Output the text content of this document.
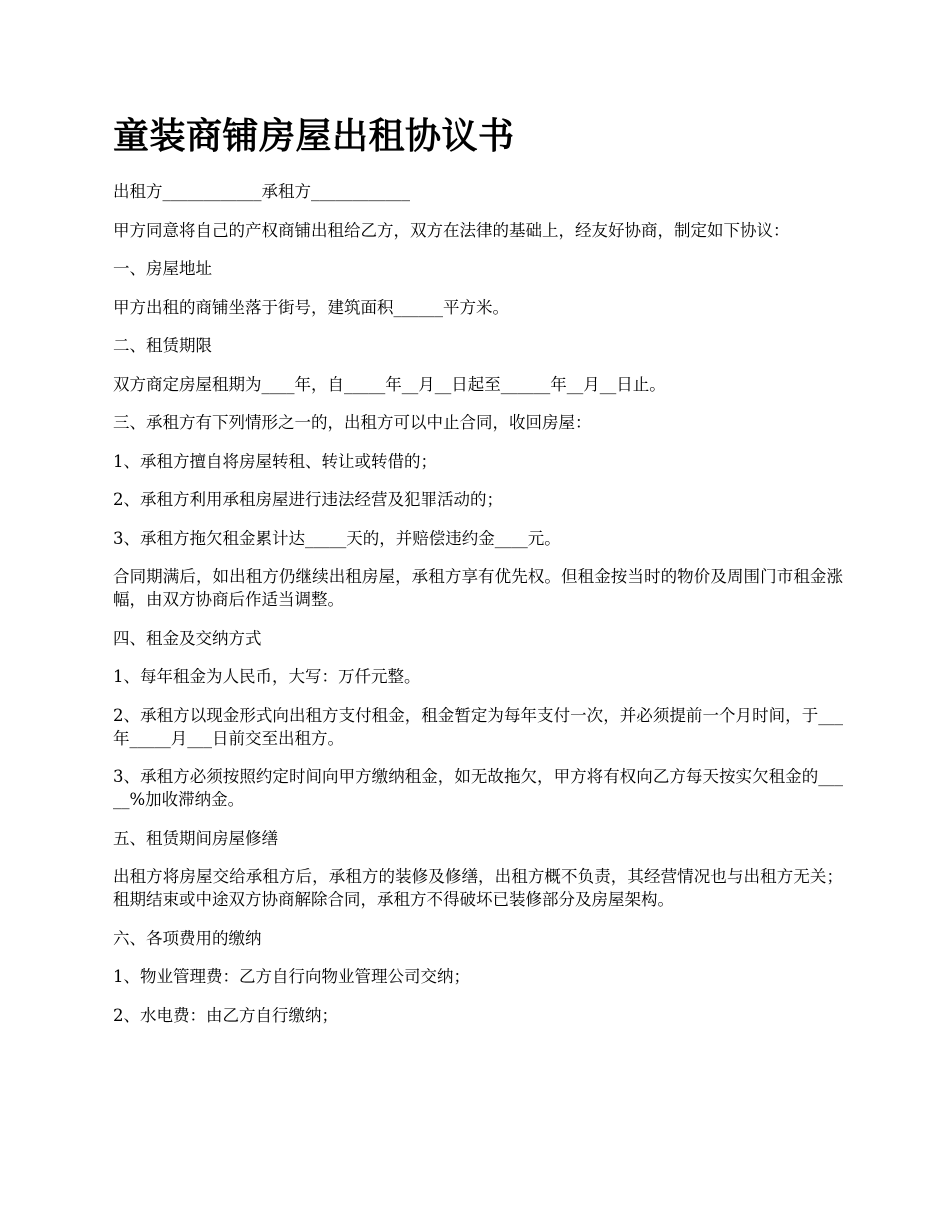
童装商铺房屋出租协议书

出租方____________承租方____________

甲方同意将自己的产权商铺出租给乙方，双方在法律的基础上，经友好协商，制定如下协议：

一、房屋地址

甲方出租的商铺坐落于街号，建筑面积______平方米。

二、租赁期限

双方商定房屋租期为____年，自_____年__月__日起至______年__月__日止。

三、承租方有下列情形之一的，出租方可以中止合同，收回房屋：

1、承租方擅自将房屋转租、转让或转借的；

2、承租方利用承租房屋进行违法经营及犯罪活动的；

3、承租方拖欠租金累计达_____天的，并赔偿违约金____元。

合同期满后，如出租方仍继续出租房屋，承租方享有优先权。但租金按当时的物价及周围门市租金涨幅，由双方协商后作适当调整。

四、租金及交纳方式

1、每年租金为人民币，大写：万仟元整。

2、承租方以现金形式向出租方支付租金，租金暂定为每年支付一次，并必须提前一个月时间，于___年_____月___日前交至出租方。

3、承租方必须按照约定时间向甲方缴纳租金，如无故拖欠，甲方将有权向乙方每天按实欠租金的_____%加收滞纳金。

五、租赁期间房屋修缮

出租方将房屋交给承租方后，承租方的装修及修缮，出租方概不负责，其经营情况也与出租方无关；租期结束或中途双方协商解除合同，承租方不得破坏已装修部分及房屋架构。

六、各项费用的缴纳

1、物业管理费：乙方自行向物业管理公司交纳；

2、水电费：由乙方自行缴纳；
